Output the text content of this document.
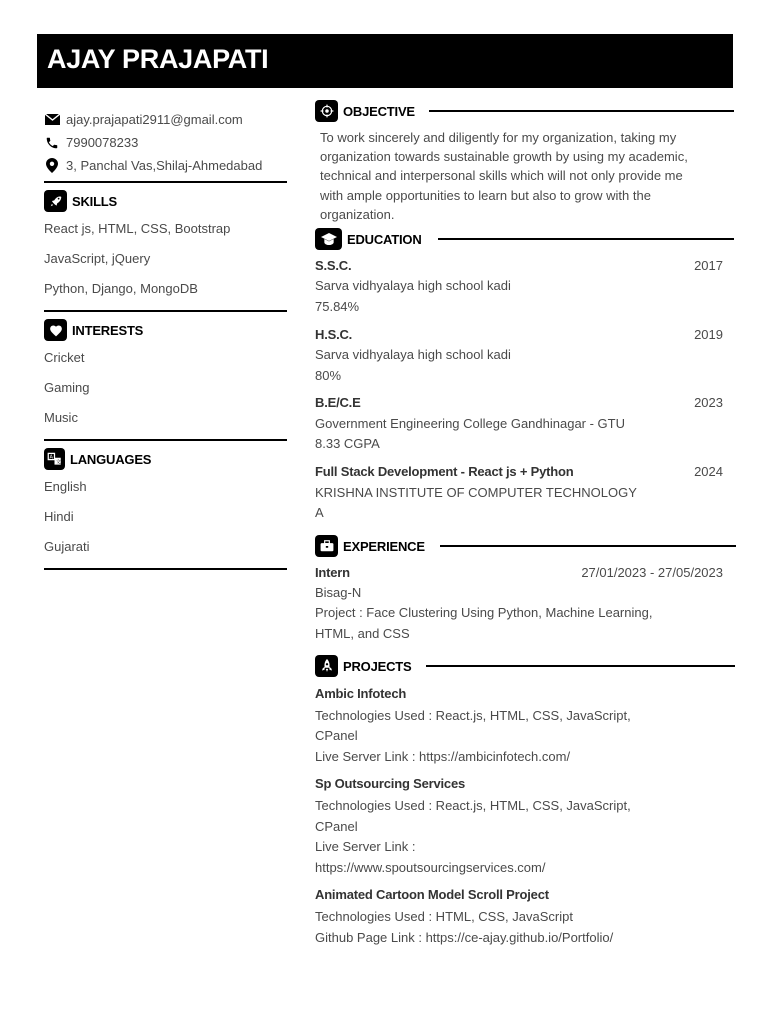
AJAY PRAJAPATI
ajay.prajapati2911@gmail.com
7990078233
3, Panchal Vas,Shilaj-Ahmedabad
SKILLS
React js, HTML, CSS, Bootstrap
JavaScript, jQuery
Python, Django, MongoDB
INTERESTS
Cricket
Gaming
Music
A
文 LANGUAGES
English
Hindi
Gujarati
OBJECTIVE
To work sincerely and diligently for my organization, taking my
organization towards sustainable growth by using my academic,
technical and interpersonal skills which will not only provide me
with ample opportunities to learn but also to grow with the
organization.
EDUCATION
S.S.C.	2017
Sarva vidhyalaya high school kadi
75.84%
H.S.C.	2019
Sarva vidhyalaya high school kadi
80%
B.E/C.E	2023
Government Engineering College Gandhinagar - GTU
8.33 CGPA
Full Stack Development - React js + Python	2024
KRISHNA INSTITUTE OF COMPUTER TECHNOLOGY
A
EXPERIENCE
Intern	27/01/2023 - 27/05/2023
Bisag-N
Project : Face Clustering Using Python, Machine Learning,
HTML, and CSS
PROJECTS
Ambic Infotech
Technologies Used : React.js, HTML, CSS, JavaScript,
CPanel
Live Server Link : https://ambicinfotech.com/
Sp Outsourcing Services
Technologies Used : React.js, HTML, CSS, JavaScript,
CPanel
Live Server Link :
https://www.spoutsourcingservices.com/
Animated Cartoon Model Scroll Project
Technologies Used : HTML, CSS, JavaScript
Github Page Link : https://ce-ajay.github.io/Portfolio/
